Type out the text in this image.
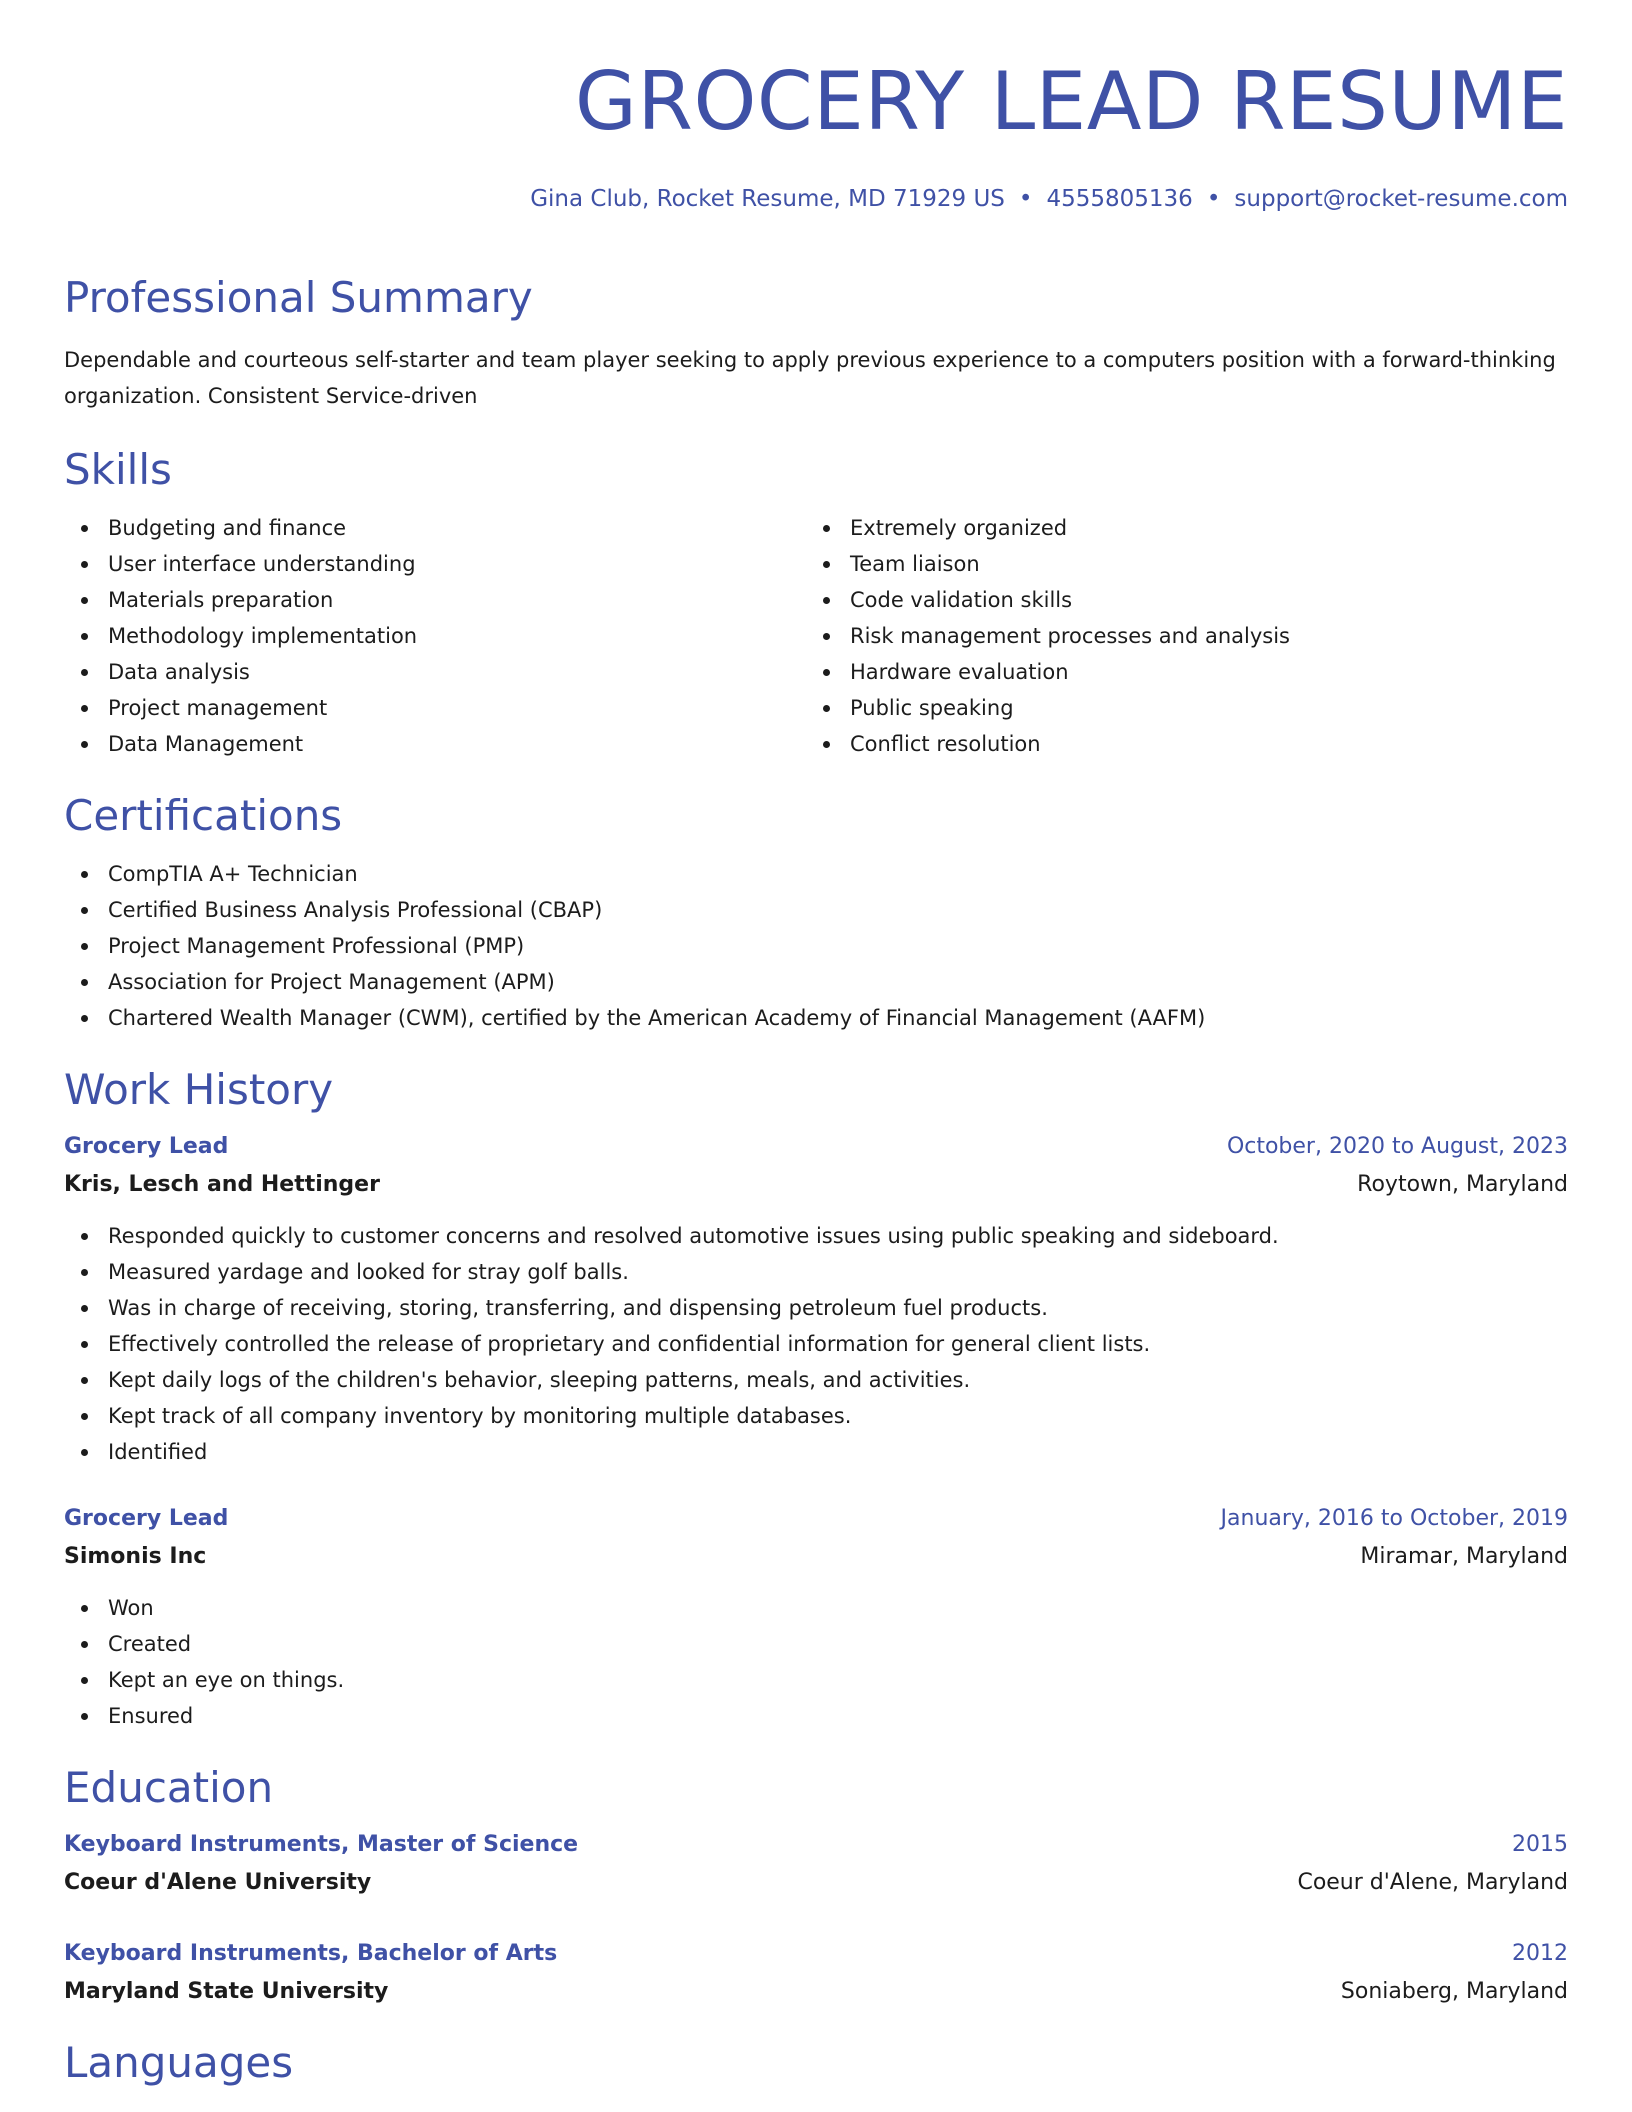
GROCERY LEAD RESUME
Gina Club, Rocket Resume, MD 71929 US • 4555805136 • support@rocket-resume.com
Professional Summary

Dependable and courteous self-starter and team player seeking to apply previous experience to a computers position with a forward-thinking organization. Consistent Service-driven

Skills
Budgeting and finance
User interface understanding
Materials preparation
Methodology implementation
Data analysis
Project management
Data Management
Extremely organized
Team liaison
Code validation skills
Risk management processes and analysis
Hardware evaluation
Public speaking
Conflict resolution
Certifications
CompTIA A+ Technician
Certified Business Analysis Professional (CBAP)
Project Management Professional (PMP)
Association for Project Management (APM)
Chartered Wealth Manager (CWM), certified by the American Academy of Financial Management (AAFM)
Work History
Grocery Lead	October, 2020 to August, 2023
Kris, Lesch and Hettinger	Roytown, Maryland
Responded quickly to customer concerns and resolved automotive issues using public speaking and sideboard.
Measured yardage and looked for stray golf balls.
Was in charge of receiving, storing, transferring, and dispensing petroleum fuel products.
Effectively controlled the release of proprietary and confidential information for general client lists.
Kept daily logs of the children's behavior, sleeping patterns, meals, and activities.
Kept track of all company inventory by monitoring multiple databases.
Identified
Grocery Lead	January, 2016 to October, 2019
Simonis Inc	Miramar, Maryland
Won
Created
Kept an eye on things.
Ensured
Education
Keyboard Instruments, Master of Science	2015
Coeur d'Alene University	Coeur d'Alene, Maryland
Keyboard Instruments, Bachelor of Arts	2012
Maryland State University	Soniaberg, Maryland
Languages
